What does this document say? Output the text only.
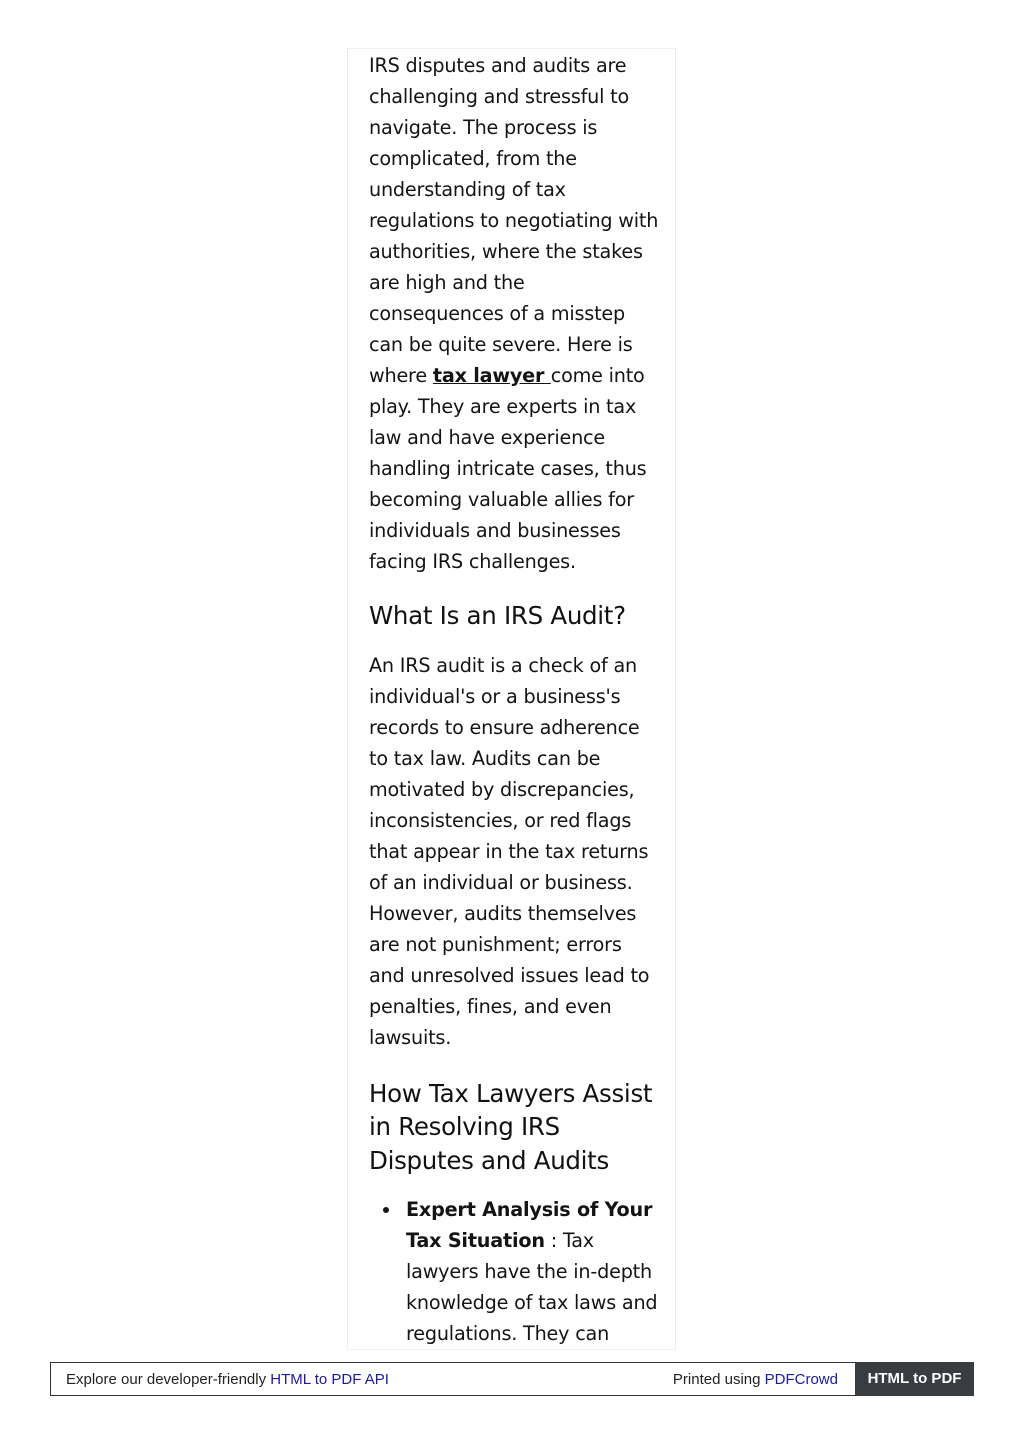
IRS disputes and audits are challenging and stressful to navigate. The process is complicated, from the understanding of tax regulations to negotiating with authorities, where the stakes are high and the consequences of a misstep can be quite severe. Here is where tax lawyer come into play. They are experts in tax law and have experience handling intricate cases, thus becoming valuable allies for individuals and businesses facing IRS challenges.

What Is an IRS Audit?

An IRS audit is a check of an individual's or a business's records to ensure adherence to tax law. Audits can be motivated by discrepancies, inconsistencies, or red flags that appear in the tax returns of an individual or business. However, audits themselves are not punishment; errors and unresolved issues lead to penalties, fines, and even lawsuits.

How Tax Lawyers Assist in Resolving IRS Disputes and Audits
Expert Analysis of Your Tax Situation : Tax lawyers have the in-depth knowledge of tax laws and regulations. They can
Explore our developer-friendly HTML to PDF API	Printed using PDFCrowd	HTML to PDF
